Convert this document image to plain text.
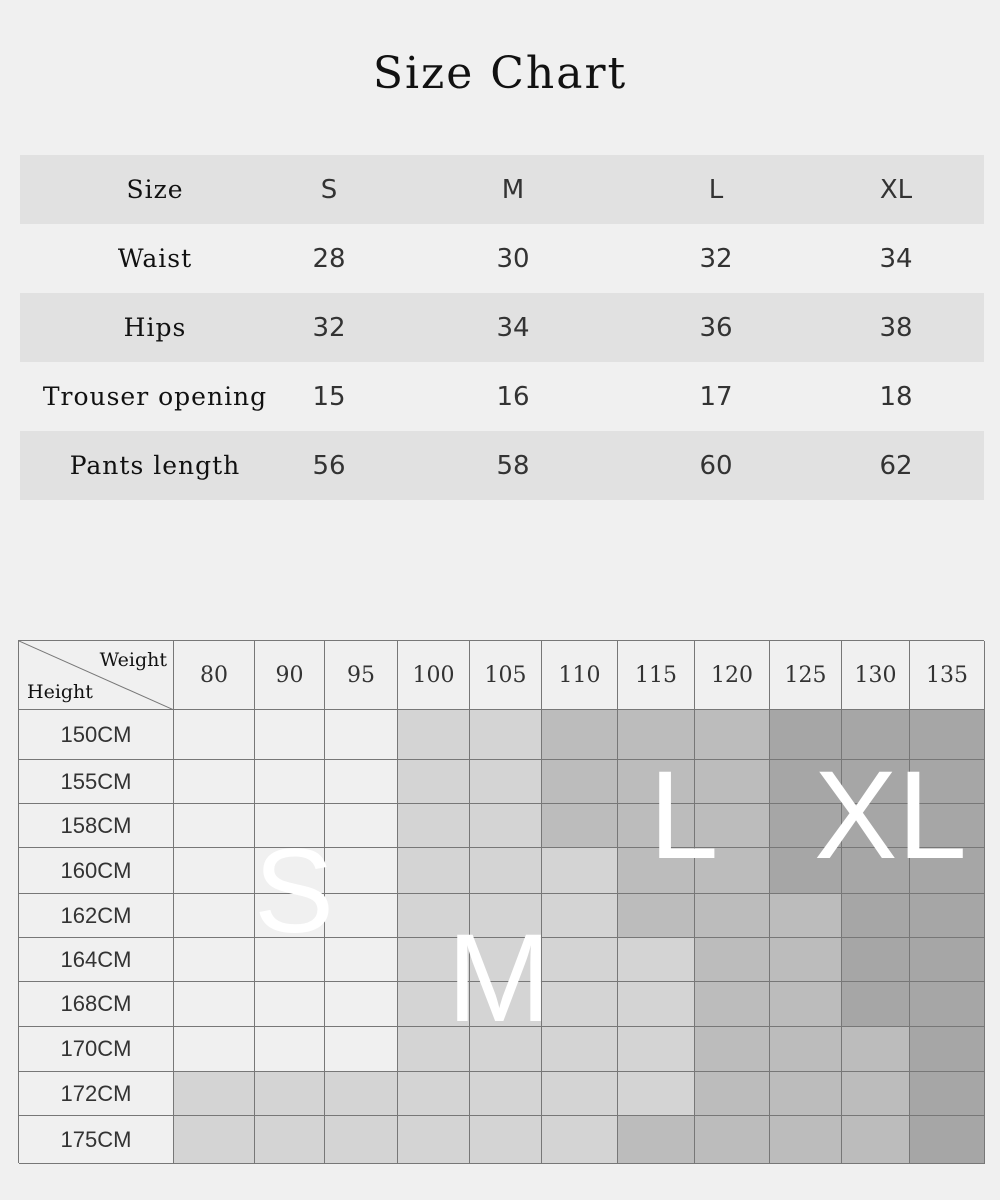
Size Chart
Size	S	M	L	XL
Waist	28	30	32	34
Hips	32	34	36	38
Trouser opening	15	16	17	18
Pants length	56	58	60	62
Weight
Height
80	90	95	100	105	110	115	120	125	130	135
150CM
155CM
158CM
160CM
162CM
164CM
168CM
170CM
172CM
175CM
S
M
L XL
